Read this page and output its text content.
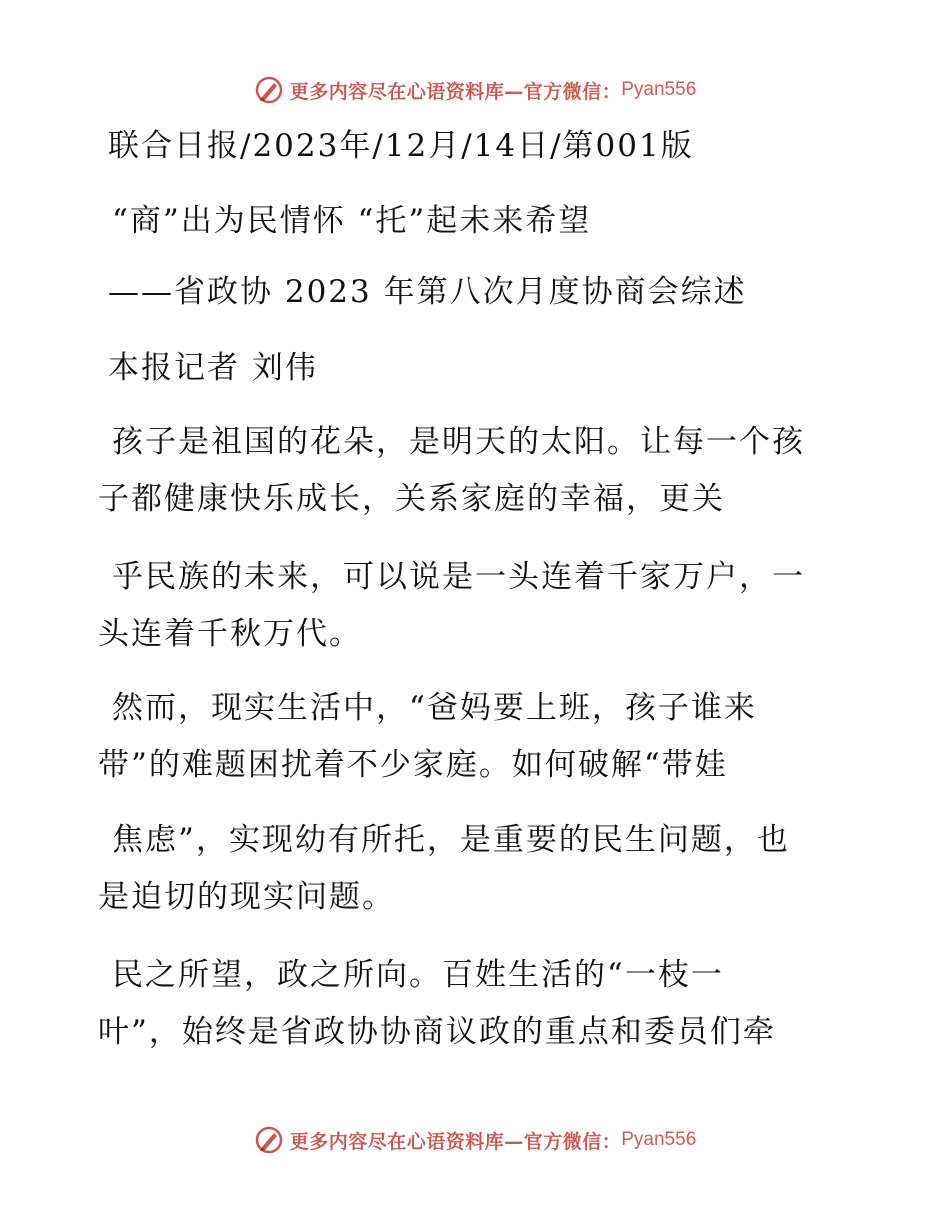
更多内容尽在心语资料库—官方微信： Pyan556
联合日报/2023年/12月/14日/第001版
“商”出为民情怀 “托”起未来希望
——省政协 2023 年第八次月度协商会综述
本报记者 刘伟
孩子是祖国的花朵，是明天的太阳。让每一个孩
子都健康快乐成长，关系家庭的幸福，更关
乎民族的未来，可以说是一头连着千家万户，一
头连着千秋万代。
然而，现实生活中，“爸妈要上班，孩子谁来
带”的难题困扰着不少家庭。如何破解“带娃
焦虑”，实现幼有所托，是重要的民生问题，也
是迫切的现实问题。
民之所望，政之所向。百姓生活的“一枝一
叶”，始终是省政协协商议政的重点和委员们牵
更多内容尽在心语资料库—官方微信： Pyan556
